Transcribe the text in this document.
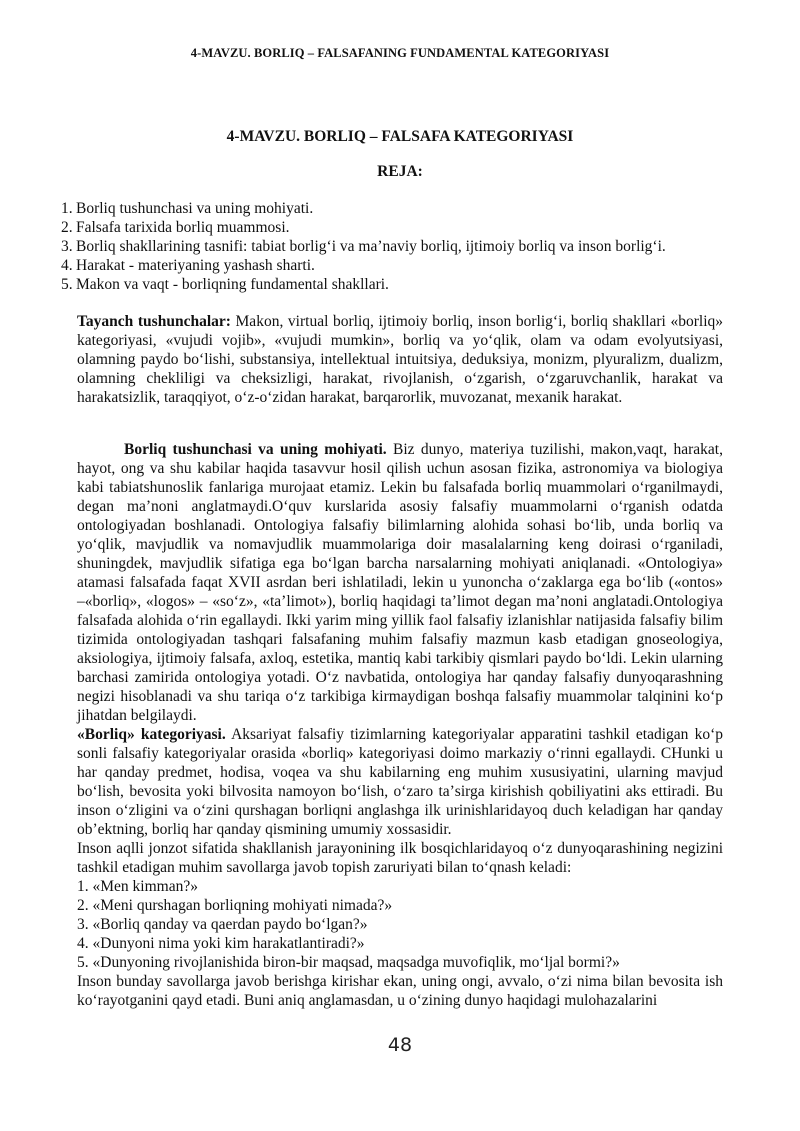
4-MAVZU. BORLIQ – FALSAFANING FUNDAMENTAL KATEGORIYASI
4-MAVZU. BORLIQ – FALSAFA KATEGORIYASI
REJA:
1. Borliq tushunchasi va uning mohiyati.
2. Falsafa tarixida borliq muammosi.
3. Borliq shakllarining tasnifi: tabiat borligʻi va maʼnaviy borliq, ijtimoiy borliq va inson borligʻi.
4. Harakat - materiyaning yashash sharti.
5. Makon va vaqt - borliqning fundamental shakllari.

Tayanch tushunchalar: Makon, virtual borliq, ijtimoiy borliq, inson borligʻi, borliq shakllari «borliq» kategoriyasi, «vujudi vojib», «vujudi mumkin», borliq va yoʻqlik, olam va odam evolyutsiyasi, olamning paydo boʻlishi, substansiya, intellektual intuitsiya, deduksiya, monizm, plyuralizm, dualizm, olamning chekliligi va cheksizligi, harakat, rivojlanish, oʻzgarish, oʻzgaruvchanlik, harakat va harakatsizlik, taraqqiyot, oʻz-oʻzidan harakat, barqarorlik, muvozanat, mexanik harakat.

Borliq tushunchasi va uning mohiyati. Biz dunyo, materiya tuzilishi, makon,vaqt, harakat, hayot, ong va shu kabilar haqida tasavvur hosil qilish uchun asosan fizika, astronomiya va biologiya kabi tabiatshunoslik fanlariga murojaat etamiz. Lekin bu falsafada borliq muammolari oʻrganilmaydi, degan maʼnoni anglatmaydi.Oʻquv kurslarida asosiy falsafiy muammolarni oʻrganish odatda ontologiyadan boshlanadi. Ontologiya falsafiy bilimlarning alohida sohasi boʻlib, unda borliq va yoʻqlik, mavjudlik va nomavjudlik muammolariga doir masalalarning keng doirasi oʻrganiladi, shuningdek, mavjudlik sifatiga ega boʻlgan barcha narsalarning mohiyati aniqlanadi. «Ontologiya» atamasi falsafada faqat XVII asrdan beri ishlatiladi, lekin u yunoncha oʻzaklarga ega boʻlib («ontos» –«borliq», «logos» – «soʻz», «taʼlimot»), borliq haqidagi taʼlimot degan maʼnoni anglatadi.Ontologiya falsafada alohida oʻrin egallaydi. Ikki yarim ming yillik faol falsafiy izlanishlar natijasida falsafiy bilim tizimida ontologiyadan tashqari falsafaning muhim falsafiy mazmun kasb etadigan gnoseologiya, aksiologiya, ijtimoiy falsafa, axloq, estetika, mantiq kabi tarkibiy qismlari paydo boʻldi. Lekin ularning barchasi zamirida ontologiya yotadi. Oʻz navbatida, ontologiya har qanday falsafiy dunyoqarashning negizi hisoblanadi va shu tariqa oʻz tarkibiga kirmaydigan boshqa falsafiy muammolar talqinini koʻp jihatdan belgilaydi.

«Borliq» kategoriyasi. Aksariyat falsafiy tizimlarning kategoriyalar apparatini tashkil etadigan koʻp sonli falsafiy kategoriyalar orasida «borliq» kategoriyasi doimo markaziy oʻrinni egallaydi. CHunki u har qanday predmet, hodisa, voqea va shu kabilarning eng muhim xususiyatini, ularning mavjud boʻlish, bevosita yoki bilvosita namoyon boʻlish, oʻzaro taʼsirga kirishish qobiliyatini aks ettiradi. Bu inson oʻzligini va oʻzini qurshagan borliqni anglashga ilk urinishlaridayoq duch keladigan har qanday obʼektning, borliq har qanday qismining umumiy xossasidir.

Inson aqlli jonzot sifatida shakllanish jarayonining ilk bosqichlaridayoq oʻz dunyoqarashining negizini tashkil etadigan muhim savollarga javob topish zaruriyati bilan toʻqnash keladi:

1. «Men kimman?»

2. «Meni qurshagan borliqning mohiyati nimada?»

3. «Borliq qanday va qaerdan paydo boʻlgan?»

4. «Dunyoni nima yoki kim harakatlantiradi?»

5. «Dunyoning rivojlanishida biron-bir maqsad, maqsadga muvofiqlik, moʻljal bormi?»

Inson bunday savollarga javob berishga kirishar ekan, uning ongi, avvalo, oʻzi nima bilan bevosita ish koʻrayotganini qayd etadi. Buni aniq anglamasdan, u oʻzining dunyo haqidagi mulohazalarini

48
